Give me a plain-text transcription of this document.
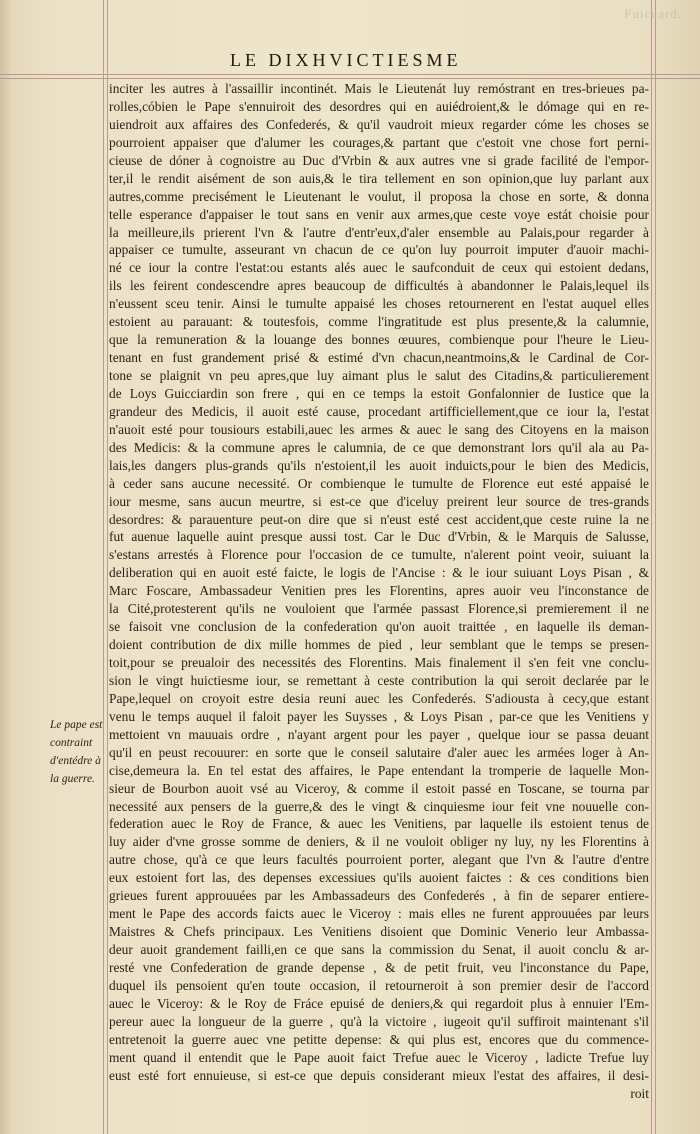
Fuiccard.
LE DIXHVICTIESME
Le pape est
contraint
d'entédre à
la guerre.
inciter les autres à l'assaillir incontinét. Mais le Lieutenát luy remóstrant en tres-brieues pa-
rolles,cóbien le Pape s'ennuiroit des desordres qui en auiédroient,& le dómage qui en re-
uiendroit aux affaires des Confederés, & qu'il vaudroit mieux regarder cóme les choses se
pourroient appaiser que d'alumer les courages,& partant que c'estoit vne chose fort perni-
cieuse de dóner à cognoistre au Duc d'Vrbin & aux autres vne si grade facilité de l'empor-
ter,il le rendit aisément de son auis,& le tira tellement en son opinion,que luy parlant aux
autres,comme precisément le Lieutenant le voulut, il proposa la chose en sorte, & donna
telle esperance d'appaiser le tout sans en venir aux armes,que ceste voye estát choisie pour
la meilleure,ils prierent l'vn & l'autre d'entr'eux,d'aler ensemble au Palais,pour regarder à
appaiser ce tumulte, asseurant vn chacun de ce qu'on luy pourroit imputer d'auoir machi-
né ce iour la contre l'estat:ou estants alés auec le saufconduit de ceux qui estoient dedans,
ils les feirent condescendre apres beaucoup de difficultés à abandonner le Palais,lequel ils
n'eussent sceu tenir. Ainsi le tumulte appaisé les choses retournerent en l'estat auquel elles
estoient au parauant: & toutesfois, comme l'ingratitude est plus presente,& la calumnie,
que la remuneration & la louange des bonnes œuures, combienque pour l'heure le Lieu-
tenant en fust grandement prisé & estimé d'vn chacun,neantmoins,& le Cardinal de Cor-
tone se plaignit vn peu apres,que luy aimant plus le salut des Citadins,& particulierement
de Loys Guicciardin son frere , qui en ce temps la estoit Gonfalonnier de Iustice que la
grandeur des Medicis, il auoit esté cause, procedant artifficiellement,que ce iour la, l'estat
n'auoit esté pour tousiours estabili,auec les armes & auec le sang des Citoyens en la maison
des Medicis: & la commune apres le calumnia, de ce que demonstrant lors qu'il ala au Pa-
lais,les dangers plus-grands qu'ils n'estoient,il les auoit induicts,pour le bien des Medicis,
à ceder sans aucune necessité. Or combienque le tumulte de Florence eut esté appaisé le
iour mesme, sans aucun meurtre, si est-ce que d'iceluy preirent leur source de tres-grands
desordres: & parauenture peut-on dire que si n'eust esté cest accident,que ceste ruine la ne
fut auenue laquelle auint presque aussi tost. Car le Duc d'Vrbin, & le Marquis de Salusse,
s'estans arrestés à Florence pour l'occasion de ce tumulte, n'alerent point veoir, suiuant la
deliberation qui en auoit esté faicte, le logis de l'Ancise : & le iour suiuant Loys Pisan , &
Marc Foscare, Ambassadeur Venitien pres les Florentins, apres auoir veu l'inconstance de
la Cité,protesterent qu'ils ne vouloient que l'armée passast Florence,si premierement il ne
se faisoit vne conclusion de la confederation qu'on auoit traittée , en laquelle ils deman-
doient contribution de dix mille hommes de pied , leur semblant que le temps se presen-
toit,pour se preualoir des necessités des Florentins. Mais finalement il s'en feit vne conclu-
sion le vingt huictiesme iour, se remettant à ceste contribution la qui seroit declarée par le
Pape,lequel on croyoit estre desia reuni auec les Confederés. S'adiousta à cecy,que estant
venu le temps auquel il faloit payer les Suysses , & Loys Pisan , par-ce que les Venitiens y
mettoient vn mauuais ordre , n'ayant argent pour les payer , quelque iour se passa deuant
qu'il en peust recouurer: en sorte que le conseil salutaire d'aler auec les armées loger à An-
cise,demeura la. En tel estat des affaires, le Pape entendant la tromperie de laquelle Mon-
sieur de Bourbon auoit vsé au Viceroy, & comme il estoit passé en Toscane, se tourna par
necessité aux pensers de la guerre,& des le vingt & cinquiesme iour feit vne nouuelle con-
federation auec le Roy de France, & auec les Venitiens, par laquelle ils estoient tenus de
luy aider d'vne grosse somme de deniers, & il ne vouloit obliger ny luy, ny les Florentins à
autre chose, qu'à ce que leurs facultés pourroient porter, alegant que l'vn & l'autre d'entre
eux estoient fort las, des depenses excessiues qu'ils auoient faictes : & ces conditions bien
grieues furent approuuées par les Ambassadeurs des Confederés , à fin de separer entiere-
ment le Pape des accords faicts auec le Viceroy : mais elles ne furent approuuées par leurs
Maistres & Chefs principaux. Les Venitiens disoient que Dominic Venerio leur Ambassa-
deur auoit grandement failli,en ce que sans la commission du Senat, il auoit conclu & ar-
resté vne Confederation de grande depense , & de petit fruit, veu l'inconstance du Pape,
duquel ils pensoient qu'en toute occasion, il retourneroit à son premier desir de l'accord
auec le Viceroy: & le Roy de Fráce epuisé de deniers,& qui regardoit plus à ennuier l'Em-
pereur auec la longueur de la guerre , qu'à la victoire , iugeoit qu'il suffiroit maintenant s'il
entretenoit la guerre auec vne petitte depense: & qui plus est, encores que du commence-
ment quand il entendit que le Pape auoit faict Trefue auec le Viceroy , ladicte Trefue luy
eust esté fort ennuieuse, si est-ce que depuis considerant mieux l'estat des affaires, il desi-
roit
